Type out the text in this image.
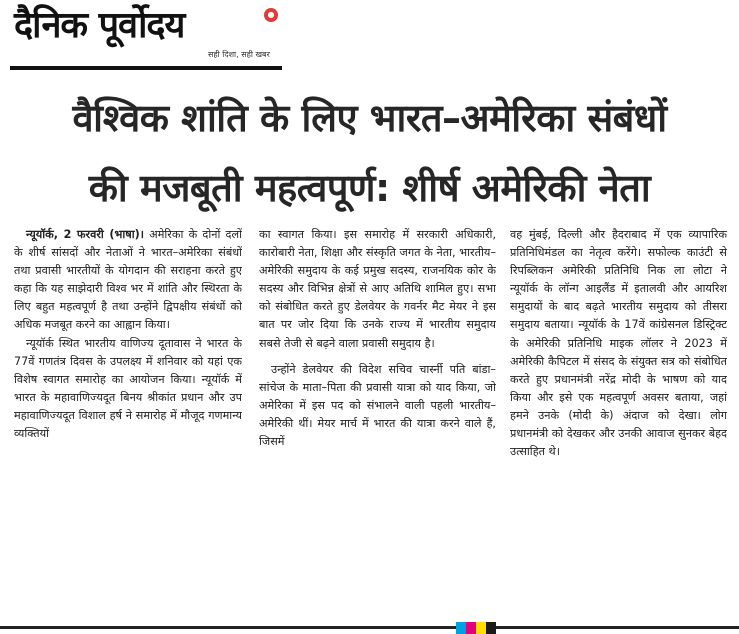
दैनिक पूर्वोदय	●
सही दिशा, सही खबर
वैश्विक शांति के लिए भारत–अमेरिका संबंधों
की मजबूती महत्वपूर्ण: शीर्ष अमेरिकी नेता

न्यूयॉर्क, 2 फरवरी (भाषा)। अमेरिका के दोनों दलों के शीर्ष सांसदों और नेताओं ने भारत–अमेरिका संबंधों तथा प्रवासी भारतीयों के योगदान की सराहना करते हुए कहा कि यह साझेदारी विश्व भर में शांति और स्थिरता के लिए बहुत महत्वपूर्ण है तथा उन्होंने द्विपक्षीय संबंधों को अधिक मजबूत करने का आह्वान किया।

न्यूयॉर्क स्थित भारतीय वाणिज्य दूतावास ने भारत के 77वें गणतंत्र दिवस के उपलक्ष्य में शनिवार को यहां एक विशेष स्वागत समारोह का आयोजन किया। न्यूयॉर्क में भारत के महावाणिज्यदूत बिनय श्रीकांत प्रधान और उप महावाणिज्यदूत विशाल हर्ष ने समारोह में मौजूद गणमान्य व्यक्तियों

का स्वागत किया। इस समारोह में सरकारी अधिकारी, कारोबारी नेता, शिक्षा और संस्कृति जगत के नेता, भारतीय–अमेरिकी समुदाय के कई प्रमुख सदस्य, राजनयिक कोर के सदस्य और विभिन्न क्षेत्रों से आए अतिथि शामिल हुए। सभा को संबोधित करते हुए डेलवेयर के गवर्नर मैट मेयर ने इस बात पर जोर दिया कि उनके राज्य में भारतीय समुदाय सबसे तेजी से बढ़ने वाला प्रवासी समुदाय है।

उन्होंने डेलवेयर की विदेश सचिव चार्स्नी पति बांडा–सांचेज के माता–पिता की प्रवासी यात्रा को याद किया, जो अमेरिका में इस पद को संभालने वाली पहली भारतीय–अमेरिकी थीं। मेयर मार्च में भारत की यात्रा करने वाले हैं, जिसमें

वह मुंबई, दिल्ली और हैदराबाद में एक व्यापारिक प्रतिनिधिमंडल का नेतृत्व करेंगे। सफोल्क काउंटी से रिपब्लिकन अमेरिकी प्रतिनिधि निक ला लोटा ने न्यूयॉर्क के लॉन्ग आइलैंड में इतालवी और आयरिश समुदायों के बाद बढ़ते भारतीय समुदाय को तीसरा समुदाय बताया। न्यूयॉर्क के 17वें कांग्रेसनल डिस्ट्रिक्ट के अमेरिकी प्रतिनिधि माइक लॉलर ने 2023 में अमेरिकी कैपिटल में संसद के संयुक्त सत्र को संबोधित करते हुए प्रधानमंत्री नरेंद्र मोदी के भाषण को याद किया और इसे एक महत्वपूर्ण अवसर बताया, जहां हमने उनके (मोदी के) अंदाज को देखा। लोग प्रधानमंत्री को देखकर और उनकी आवाज सुनकर बेहद उत्साहित थे।
